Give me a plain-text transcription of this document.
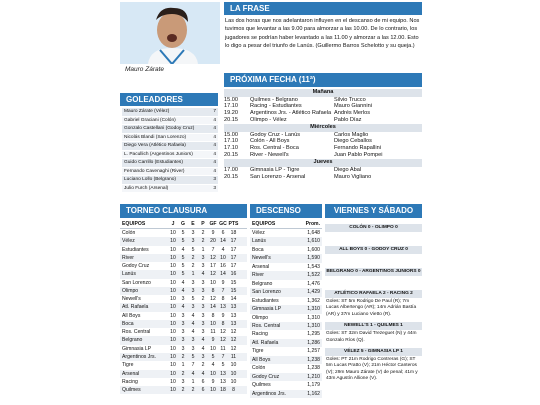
Mauro Zárate
LA FRASE
Las dos horas que nos adelantaron influyen en el descanso de mi equipo. Nos tuvimos que levantar a las 9.00 para almorzar a las 10.00. De lo contrario, los jugadores se podrían haber levantado a las 11.00 y almorzar a las 12.00. Esto lo digo a pesar del triunfo de Lanús. (Guillermo Barros Schelotto y su queja.)
PRÓXIMA FECHA (11ª)
Mañana
15.00	Quilmes - Belgrano	Silvio Trucco
17.10	Racing - Estudiantes	Mauro Giannini
19.20	Argentinos Jrs. - Atlético Rafaela Andrés Merlos
20.15	Olimpo - Vélez	Pablo Díaz
Miércoles
15.00	Godoy Cruz - Lanús	Carlos Maglio
17.10	Colón - All Boys	Diego Ceballos
17.10	Ros. Central - Boca	Fernando Rapallini
20.15	River - Newell's	Juan Pablo Pompei
Jueves
17.00	Gimnasia LP - Tigre	Diego Abal
20.15	San Lorenzo - Arsenal	Mauro Vigliano
GOLEADORES
Mauro Zárate (Vélez)	7
Gabriel Graciani (Colón)	4
Gonzalo Castellani (Godoy Cruz)	4
Nicolás Blandi (San Lorenzo)	4
Diego Vera (Atlético Rafaela)	4
L. Pacullich (Argentinos Juniors)	4
Guido Carrillo (Estudiantes)	4
Fernando Cavenaghi (River)	4
Luciano Lollo (Belgrano)	3
Julio Furch (Arsenal)	3
TORNEO CLAUSURA
EQUIPOS	J	G	E	P GF GC PTS
Colón	10	5	3	2	9	6	18
Vélez	10	5	3	2	20 14 17
Estudiantes	10	4	5	1	7	4	17
River	10	5	2	3	12 10 17
Godoy Cruz	10	5	2	3	17 16 17
Lanús	10	5	1	4	12 14 16
San Lorenzo	10	4	3	3	10	9	15
Olimpo	10	4	3	3	8	7	15
Newell's	10	3	5	2	12	8	14
Atl. Rafaela	10	4	3	3	14 13 13
All Boys	10	3	4	3	8	9	13
Boca	10	3	4	3	10	8	13
Ros. Central	10	3	4	3	11 12 12
Belgrano	10	3	3	4	9	12 12
Gimnasia LP	10	3	3	4	10 11 12
Argentinos Jrs.	10	2	5	3	5	7	11
Tigre	10	1	7	2	4	5	10
Arsenal	10	2	4	4	10 13 10
Racing	10	3	1	6	9	13 10
Quilmes	10	2	2	6	10 18	8
DESCENSO
EQUIPOS	Prom.
Vélez	1,648
Lanús	1,610
Boca	1,600
Newell's	1,590
Arsenal	1,543
River	1,522
Belgrano	1,476
San Lorenzo	1,429
Estudiantes	1,362
Gimnasia LP	1,310
Olimpo	1,310
Ros. Central	1,310
Racing	1,295
Atl. Rafaela	1,286
Tigre	1,257
All Boys	1,238
Colón	1,238
Godoy Cruz	1,210
Quilmes	1,179
Argentinos Jrs.	1,162
VIERNES Y SÁBADO
COLÓN 0 - OLIMPO 0
ALL BOYS 0 - GODOY CRUZ 0
BELGRANO 0 - ARGENTINOS JUNIORS 0
ATLÉTICO RAFAELA 2 - RACING 2
Goles: ST 5m Rodrigo De Paul (R); 7m Lucas Albertengo (AR); 14m Adrián Bastía (AR) y 37m Luciano Vietto (R).
NEWELL'S 1 - QUILMES 1
Goles: ST 32m David Trezeguet (N) y 44m Gonzalo Ríos (Q).
VÉLEZ 5 - GIMNASIA LP 1
Goles: PT 21m Rodrigo Contreras (G); ST 5m Lucas Pratto (V); 21m Héctor Canteros (V); 29m Mauro Zárate (V) de penal; 41m y 43m Agustín Allione (V).
